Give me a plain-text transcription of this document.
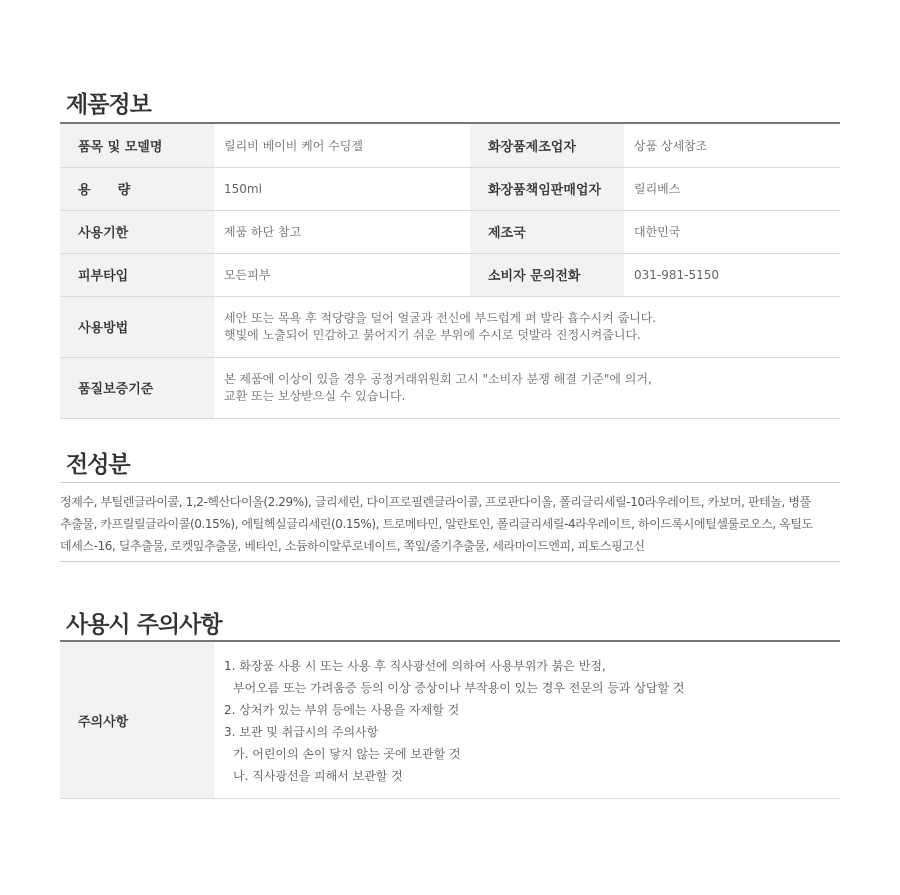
제품정보
품목 및 모델명	릴리비 베이비 케어 수딩젤	화장품제조업자	상품 상세참조
용      량	150ml	화장품책임판매업자	릴리베스
사용기한	제품 하단 참고	제조국	대한민국
피부타입	모든피부	소비자 문의전화	031-981-5150
사용방법	세안 또는 목욕 후 적당량을 덜어 얼굴과 전신에 부드럽게 펴 발라 흡수시켜 줍니다.
햇빛에 노출되어 민감하고 붉어지기 쉬운 부위에 수시로 덧발라 진정시켜줍니다.		

품질보증기준	본 제품에 이상이 있을 경우 공정거래위원회 고시 "소비자 분쟁 해결 기준"에 의거,
교환 또는 보상받으실 수 있습니다.		
전성분
정제수, 부틸렌글라이콜, 1,2-헥산다이올(2.29%), 글리세린, 다이프로필렌글라이콜, 프로판다이올, 폴리글리세릴-10라우레이트, 카보머, 판테놀, 병풀
추출물, 카프릴릴글라이콜(0.15%), 에틸헥실글리세린(0.15%), 트로메타민, 알란토인, 폴리글리세릴-4라우레이트, 하이드록시에틸셀룰로오스, 옥틸도
데세스-16, 딜추출물, 로켓잎추출물, 베타인, 소듐하이알루로네이트, 쪽잎/줄기추출물, 세라마이드엔피, 피토스핑고신
사용시 주의사항
주의사항
1. 화장품 사용 시 또는 사용 후 직사광선에 의하여 사용부위가 붉은 반점,
부어오름 또는 가려움증 등의 이상 증상이나 부작용이 있는 경우 전문의 등과 상담할 것
2. 상처가 있는 부위 등에는 사용을 자제할 것
3. 보관 및 취급시의 주의사항
가. 어린이의 손이 닿지 않는 곳에 보관할 것
나. 직사광선을 피해서 보관할 것
